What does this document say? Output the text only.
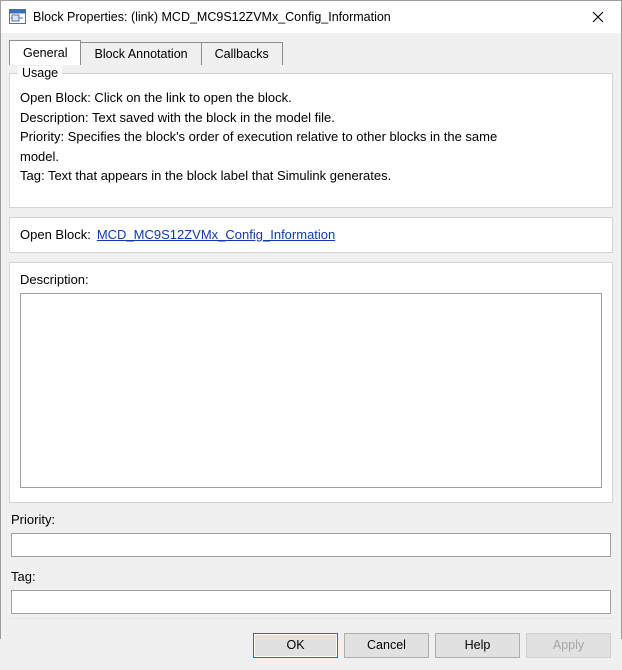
Block Properties: (link) MCD_MC9S12ZVMx_Config_Information
General	Block Annotation	Callbacks
Usage
Open Block: Click on the link to open the block.
Description: Text saved with the block in the model file.
Priority: Specifies the block's order of execution relative to other blocks in the same
model.
Tag: Text that appears in the block label that Simulink generates.
Open Block: MCD_MC9S12ZVMx_Config_Information
Description:
Priority:
Tag:
OK	Cancel	Help	Apply
